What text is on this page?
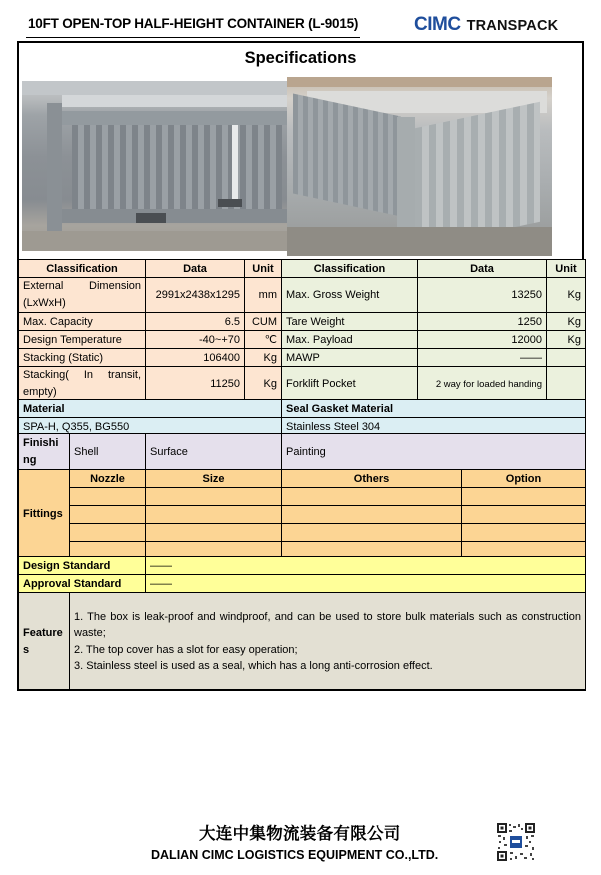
10FT OPEN-TOP HALF-HEIGHT CONTAINER (L-9015)	CIMC TRANSPACK
Specifications
Classification	Data	Unit	Classification	Data	Unit
External Dimension (LxWxH)	2991x2438x1295	mm	Max. Gross Weight	13250	Kg
Max. Capacity	6.5	CUM	Tare Weight	1250	Kg
Design Temperature	-40~+70	℃	Max. Payload	12000	Kg
Stacking (Static)	106400	Kg	MAWP	——	
Stacking( In transit, empty)	11250	Kg	Forklift Pocket	2 way for loaded handing	
Material	Seal Gasket Material
SPA-H, Q355, BG550	Stainless Steel 304
Finishing	Shell	Surface	Painting
Fittings	Nozzle	Size	Others	Option

Design Standard	——
Approval Standard	——
Features	
1. The box is leak-proof and windproof, and can be used to store bulk materials such as construction waste;
2. The top cover has a slot for easy operation;
3. Stainless steel is used as a seal, which has a long anti-corrosion effect.
大连中集物流装备有限公司
DALIAN CIMC LOGISTICS EQUIPMENT CO.,LTD.
